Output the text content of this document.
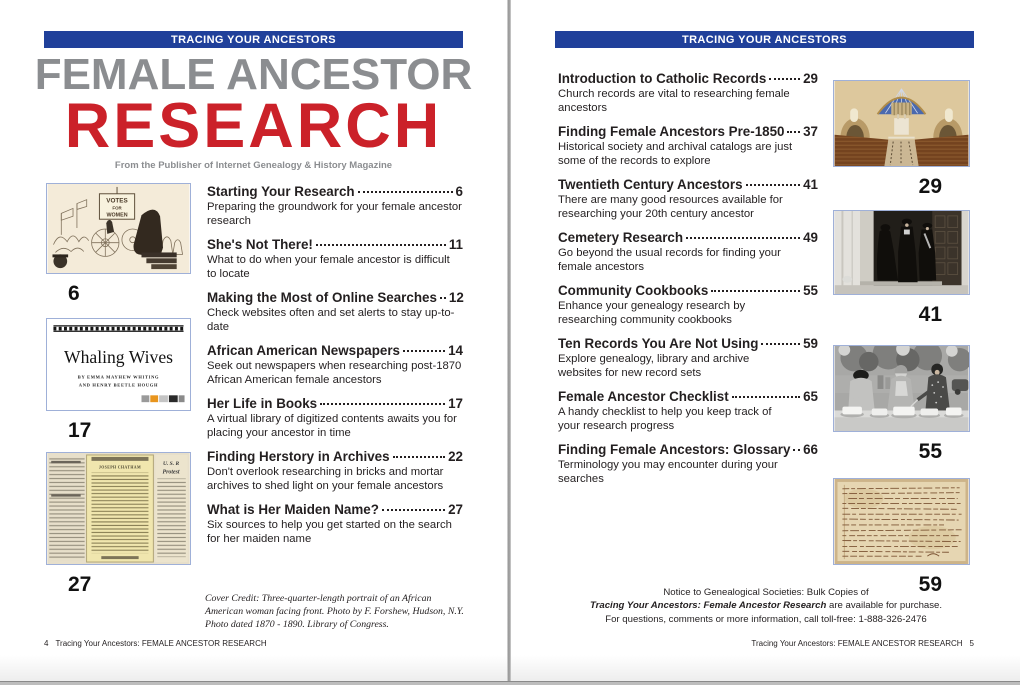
TRACING YOUR ANCESTORS
FEMALE ANCESTOR
RESEARCH
From the Publisher of Internet Genealogy & History Magazine
VOTES
FOR
WOMEN
6
Whaling Wives
BY EMMA MAYHEW WHITING
AND HENRY BEETLE HOUGH
17
JOSEPH CHATHAM
U. S. R
Protest
27
Starting Your Research	6
Preparing the groundwork for your female ancestor research
She's Not There!	11
What to do when your female ancestor is difficult to locate
Making the Most of Online Searches 12
Check websites often and set alerts to stay up-to-date
African American Newspapers	14
Seek out newspapers when researching post-1870 African American female ancestors
Her Life in Books	17
A virtual library of digitized contents awaits you for placing your ancestor in time
Finding Herstory in Archives	22
Don't overlook researching in bricks and mortar archives to shed light on your female ancestors
What is Her Maiden Name?	27
Six sources to help you get started on the search for her maiden name
Cover Credit: Three-quarter-length portrait of an African American woman facing front. Photo by F. Forshew, Hudson, N.Y. Photo dated 1870 - 1890. Library of Congress.
4 Tracing Your Ancestors: FEMALE ANCESTOR RESEARCH
TRACING YOUR ANCESTORS
Introduction to Catholic Records	29
Church records are vital to researching female ancestors
Finding Female Ancestors Pre-1850 37
Historical society and archival catalogs are just some of the records to explore
Twentieth Century Ancestors	41
There are many good resources available for researching your 20th century ancestor
Cemetery Research	49
Go beyond the usual records for finding your female ancestors
Community Cookbooks	55
Enhance your genealogy research by researching community cookbooks
Ten Records You Are Not Using	59
Explore genealogy, library and archive websites for new record sets
Female Ancestor Checklist	65
A handy checklist to help you keep track of your research progress
Finding Female Ancestors: Glossary 66
Terminology you may encounter during your searches
29
41
55
59
Notice to Genealogical Societies: Bulk Copies of
Tracing Your Ancestors: Female Ancestor Research are available for purchase.
For questions, comments or more information, call toll-free: 1-888-326-2476
Tracing Your Ancestors: FEMALE ANCESTOR RESEARCH 5
